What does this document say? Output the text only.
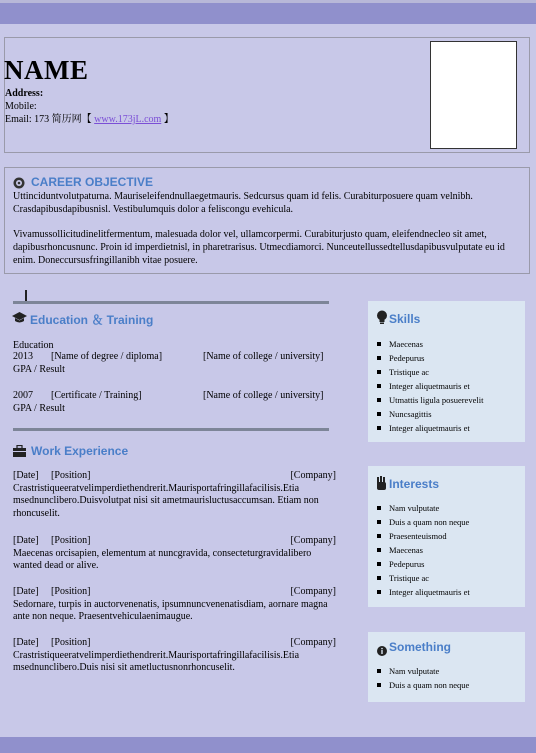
NAME
Address:
Mobile:
Email: 173 简历网【 www.173jL.com 】
CAREER OBJECTIVE
Uttinciduntvolutpaturna. Mauriseleifendnullaegetmauris. Sedcursus quam id felis. Curabiturposuere quam velnibh. Crasdapibusdapibusnisl. Vestibulumquis dolor a feliscongu evehicula.
Vivamussollicitudinelitfermentum, malesuada dolor vel, ullamcorpermi. Curabiturjusto quam, eleifendnecleo sit amet, dapibusrhoncusnunc. Proin id imperdietnisl, in pharetrarisus. Utmecdiamorci. Nunceutellussedtellusdapibusvulputate eu id enim. Doneccursusfringillanibh vitae posuere.
Education ＆ Training
Education
2013 [Name of degree / diploma]	[Name of college / university]
GPA / Result
2007 [Certificate / Training]	[Name of college / university]
GPA / Result
Work Experience
[Date] [Position]	[Company]
Crastristiqueeratvelimperdiethendrerit.Maurisportafringillafacilisis.Etia msednunclibero.Duisvolutpat nisi sit ametmaurisluctusaccumsan. Etiam non rhoncuselit.
[Date] [Position]	[Company]
Maecenas orcisapien, elementum at nuncgravida, consecteturgravidalibero wanted dead or alive.
[Date] [Position]	[Company]
Sedornare, turpis in auctorvenenatis, ipsumnuncvenenatisdiam, aornare magna ante non neque. Praesentvehiculaenimaugue.
[Date] [Position]	[Company]
Crastristiqueeratvelimperdiethendrerit.Maurisportafringillafacilisis.Etia msednunclibero.Duis nisi sit ametluctusnonrhoncuselit.
Skills
Maecenas
Pedepurus
Tristique ac
Integer aliquetmauris et
Utmattis ligula posuerevelit
Nuncsagittis
Integer aliquetmauris et
Interests
Nam vulputate
Duis a quam non neque
Praesenteuismod
Maecenas
Pedepurus
Tristique ac
Integer aliquetmauris et
Something
Nam vulputate
Duis a quam non neque
